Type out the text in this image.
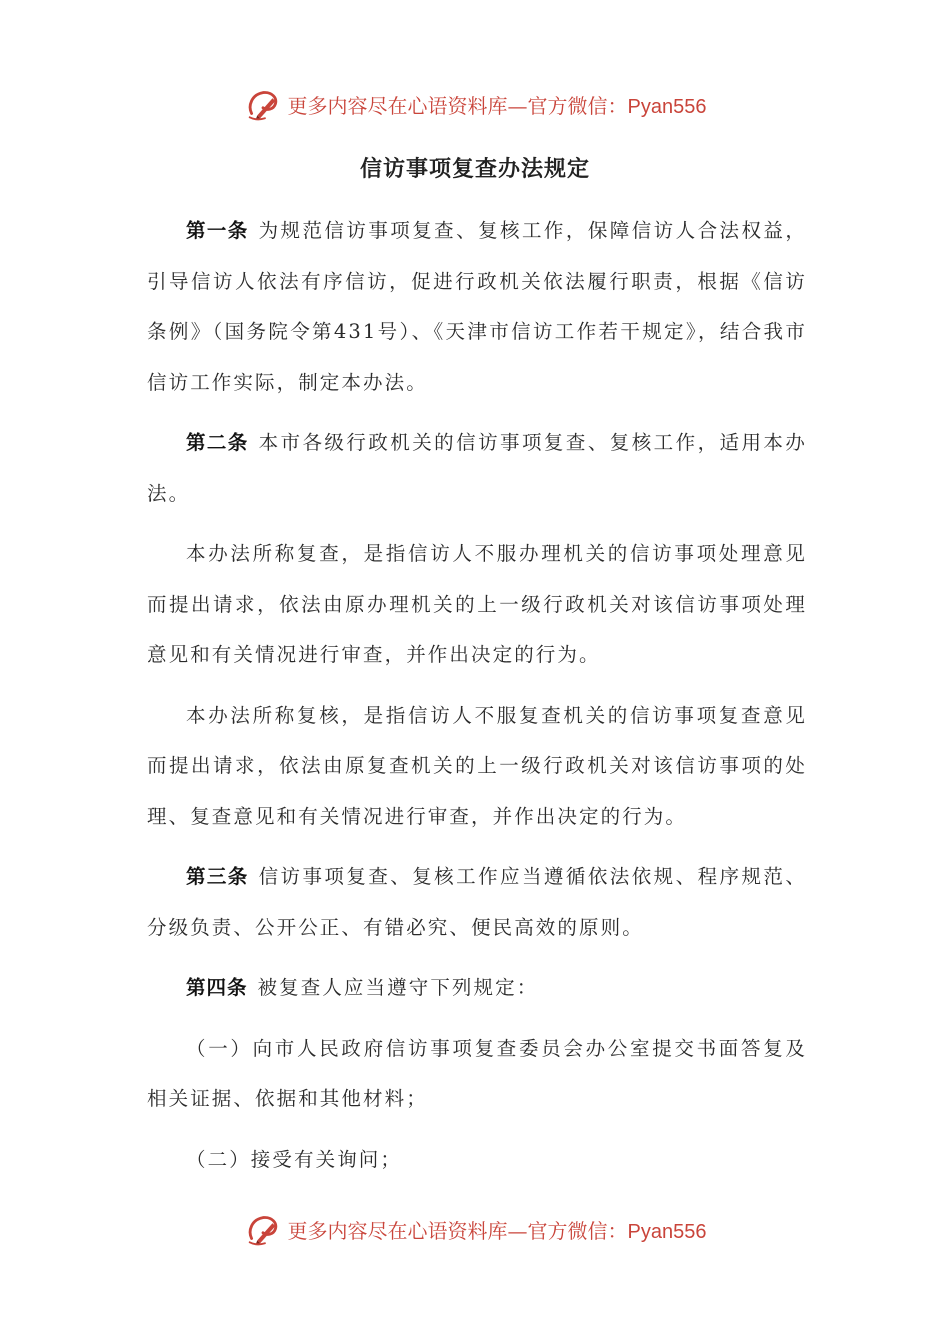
更多内容尽在心语资料库—官方微信：Pyan556
信访事项复查办法规定

第一条 为规范信访事项复查、复核工作，保障信访人合法权益，引导信访人依法有序信访，促进行政机关依法履行职责，根据《信访条例》（国务院令第431号）、《天津市信访工作若干规定》，结合我市信访工作实际，制定本办法。

第二条 本市各级行政机关的信访事项复查、复核工作，适用本办法。

本办法所称复查，是指信访人不服办理机关的信访事项处理意见而提出请求，依法由原办理机关的上一级行政机关对该信访事项处理意见和有关情况进行审查，并作出决定的行为。

本办法所称复核，是指信访人不服复查机关的信访事项复查意见而提出请求，依法由原复查机关的上一级行政机关对该信访事项的处理、复查意见和有关情况进行审查，并作出决定的行为。

第三条 信访事项复查、复核工作应当遵循依法依规、程序规范、分级负责、公开公正、有错必究、便民高效的原则。

第四条 被复查人应当遵守下列规定：

（一）向市人民政府信访事项复查委员会办公室提交书面答复及相关证据、依据和其他材料；

（二）接受有关询问；

更多内容尽在心语资料库—官方微信：Pyan556
